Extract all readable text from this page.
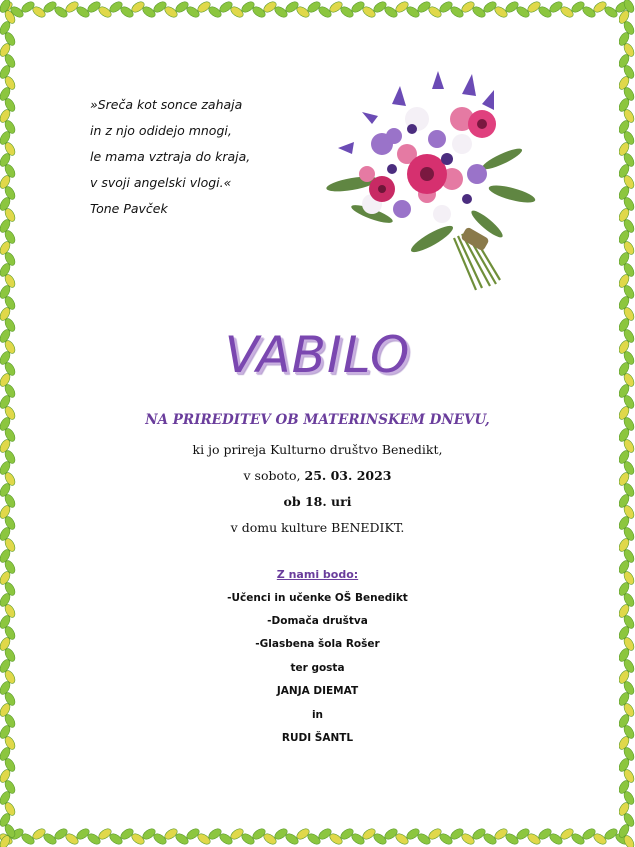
»Sreča kot sonce zahaja
in z njo odidejo mnogi,
le mama vztraja do kraja,
v svoji angelski vlogi.«
Tone Pavček
VABILO
NA PRIREDITEV OB MATERINSKEM DNEVU,
ki jo prireja Kulturno društvo Benedikt,
v soboto, 25. 03. 2023
ob 18. uri
v domu kulture BENEDIKT.
Z nami bodo:
-Učenci in učenke OŠ Benedikt
-Domača društva
-Glasbena šola Rošer
ter gosta
JANJA DIEMAT
in
RUDI ŠANTL
